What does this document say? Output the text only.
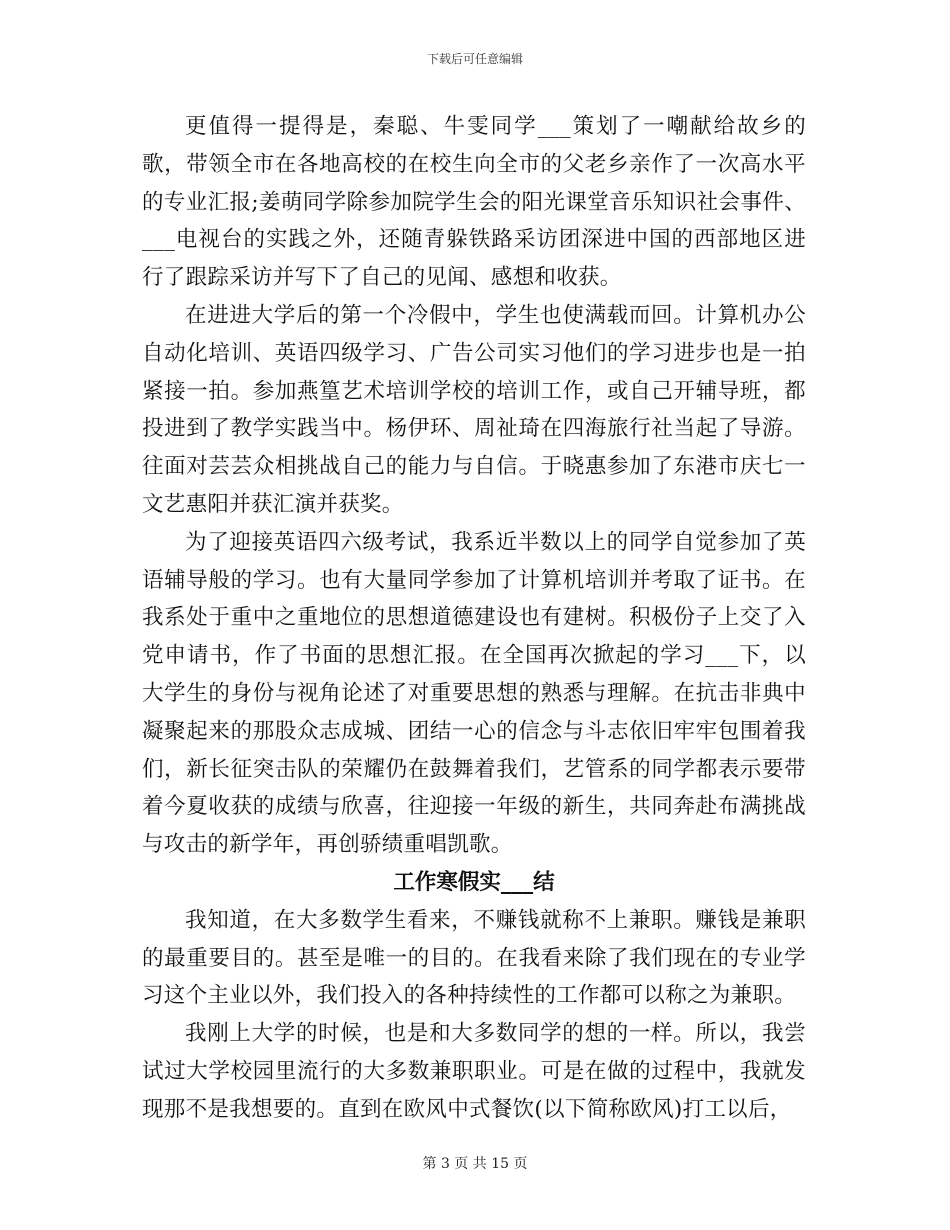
下载后可任意编辑

更值得一提得是，秦聪、牛雯同学___策划了一嘲献给故乡的歌，带领全市在各地高校的在校生向全市的父老乡亲作了一次高水平的专业汇报;姜萌同学除参加院学生会的阳光课堂音乐知识社会事件、___电视台的实践之外，还随青躲铁路采访团深进中国的西部地区进行了跟踪采访并写下了自己的见闻、感想和收获。

在进进大学后的第一个冷假中，学生也使满载而回。计算机办公自动化培训、英语四级学习、广告公司实习他们的学习进步也是一拍紧接一拍。参加燕篁艺术培训学校的培训工作，或自己开辅导班，都投进到了教学实践当中。杨伊环、周祉琦在四海旅行社当起了导游。往面对芸芸众相挑战自己的能力与自信。于晓惠参加了东港市庆七一文艺惠阳并获汇演并获奖。

为了迎接英语四六级考试，我系近半数以上的同学自觉参加了英语辅导般的学习。也有大量同学参加了计算机培训并考取了证书。在我系处于重中之重地位的思想道德建设也有建树。积极份子上交了入党申请书，作了书面的思想汇报。在全国再次掀起的学习___下，以大学生的身份与视角论述了对重要思想的熟悉与理解。在抗击非典中凝聚起来的那股众志成城、团结一心的信念与斗志依旧牢牢包围着我们，新长征突击队的荣耀仍在鼓舞着我们，艺管系的同学都表示要带着今夏收获的成绩与欣喜，往迎接一年级的新生，共同奔赴布满挑战与攻击的新学年，再创骄绩重唱凯歌。

工作寒假实___结

我知道，在大多数学生看来，不赚钱就称不上兼职。赚钱是兼职的最重要目的。甚至是唯一的目的。在我看来除了我们现在的专业学习这个主业以外，我们投入的各种持续性的工作都可以称之为兼职。

我刚上大学的时候，也是和大多数同学的想的一样。所以，我尝试过大学校园里流行的大多数兼职职业。可是在做的过程中，我就发现那不是我想要的。直到在欧风中式餐饮(以下简称欧风)打工以后，

第 3 页 共 15 页
